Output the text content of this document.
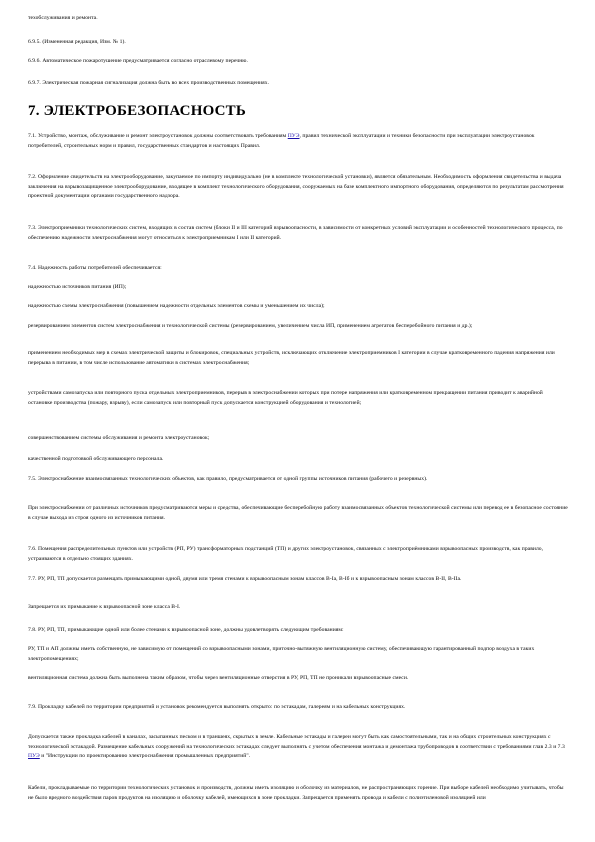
техобслуживания и ремонта.

6.9.5. (Измененная редакция, Изм. № 1).

6.9.6. Автоматическое пожаротушение предусматривается согласно отраслевому перечню.

6.9.7. Электрическая пожарная сигнализация должна быть во всех производственных помещениях.

7. ЭЛЕКТРОБЕЗОПАСНОСТЬ

7.1. Устройство, монтаж, обслуживание и ремонт электроустановок должны соответствовать требованиям ПУЭ, правил технической эксплуатации и техники безопасности при эксплуатации электроустановок потребителей, строительных норм и правил, государственных стандартов и настоящих Правил.

7.2. Оформление свидетельств на электрооборудование, закупаемое по импорту индивидуально (не в комплекте технологической установки), является обязательным. Необходимость оформления свидетельства и выдача заключения на взрывозащищенное электрооборудование, входящее в комплект технологического оборудования, сооружаемых на базе комплектного импортного оборудования, определяются по результатам рассмотрения проектной документации органами государственного надзора.

7.3. Электроприемники технологических систем, входящих в состав систем (блоки II и III категорий взрывоопасности, в зависимости от конкретных условий эксплуатации и особенностей технологического процесса, по обеспечению надежности электроснабжения могут относиться к электроприемникам I или II категорий.

7.4. Надежность работы потребителей обеспечивается:

надежностью источников питания (ИП);

надежностью схемы электроснабжения (повышением надежности отдельных элементов схемы и уменьшением их числа);

резервированием элементов систем электроснабжения и технологической системы (резервированием, увеличением числа ИП, применением агрегатов бесперебойного питания и др.);

применением необходимых мер в схемах электрической защиты и блокировок, специальных устройств, исключающих отключение электроприемников I категории в случае кратковременного падения напряжения или перерыва в питании, в том числе использование автоматики в системах электроснабжения;

устройствами самозапуска или повторного пуска отдельных электроприемников, перерыв в электроснабжении которых при потере напряжения или кратковременном прекращении питания приводит к аварийной остановке производства (пожару, взрыву), если самозапуск или повторный пуск допускается конструкцией оборудования и технологией;

совершенствованием системы обслуживания и ремонта электроустановок;

качественной подготовкой обслуживающего персонала.

7.5. Электроснабжение взаимосвязанных технологических объектов, как правило, предусматривается от одной группы источников питания (рабочего и резервных).

При электроснабжении от различных источников предусматриваются меры и средства, обеспечивающие бесперебойную работу взаимосвязанных объектов технологической системы или перевод ее в безопасное состояние в случае выхода из строя одного из источников питания.

7.6. Помещения распределительных пунктов или устройств (РП, РУ) трансформаторных подстанций (ТП) и других электроустановок, связанных с электроприёмниками взрывоопасных производств, как правило, устраиваются в отдельно стоящих зданиях.

7.7. РУ, РП, ТП допускается размещать примыкающими одной, двумя или тремя стенами к взрывоопасным зонам классов В-Ia, В-Iб и к взрывоопасным зонам классов В-II, В-IIa.

Запрещается их примыкание к взрывоопасной зоне класса В-I.

7.8. РУ, РП, ТП, примыкающие одной или более стенами к взрывоопасной зоне, должны удовлетворять следующим требованиям:

РУ, ТП и АП должны иметь собственную, не зависимую от помещений со взрывоопасными зонами, приточно-вытяжную вентиляционную систему, обеспечивающую гарантированный подпор воздуха в таких электропомещениях;

вентиляционная система должна быть выполнена таким образом, чтобы через вентиляционные отверстия в РУ, РП, ТП не проникали взрывоопасные смеси.

7.9. Прокладку кабелей по территории предприятий и установок рекомендуется выполнять открыто: по эстакадам, галереям и на кабельных конструкциях.

Допускается также прокладка кабелей в каналах, засыпанных песком и в траншеях, скрытых в земле. Кабельные эстакады и галереи могут быть как самостоятельными, так и на общих строительных конструкциях с технологической эстакадой. Размещение кабельных сооружений на технологических эстакадах следует выполнять с учетом обеспечения монтажа и демонтажа трубопроводов в соответствии с требованиями глав 2.3 и 7.3 ПУЭ и "Инструкции по проектированию электроснабжения промышленных предприятий".

Кабели, прокладываемые по территории технологических установок и производств, должны иметь изоляцию и оболочку из материалов, не распространяющих горение. При выборе кабелей необходимо учитывать, чтобы не было вредного воздействия паров продуктов на изоляцию и оболочку кабелей, имеющихся в зоне прокладки. Запрещается применять провода и кабели с полиэтиленовой изоляцией или
